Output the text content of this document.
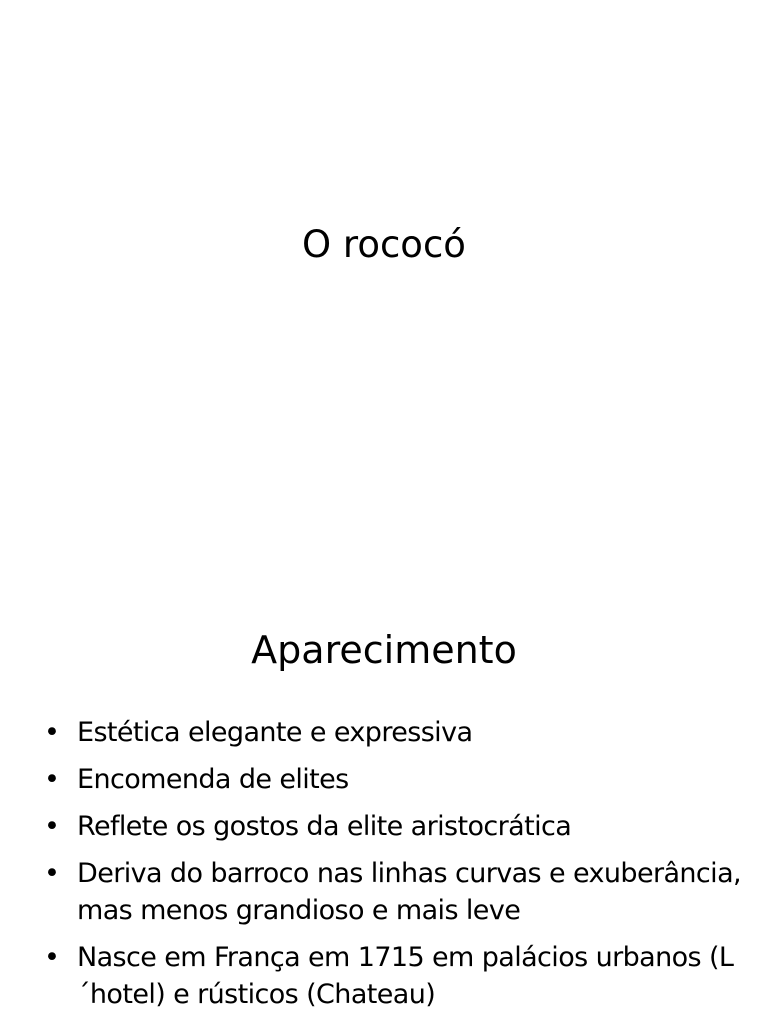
O rococó
Aparecimento
• Estética elegante e expressiva
• Encomenda de elites
• Reflete os gostos da elite aristocrática
• Deriva do barroco nas linhas curvas e exuberância, mas menos grandioso e mais leve
• Nasce em França em 1715 em palácios urbanos (L´hotel) e rústicos (Chateau)
